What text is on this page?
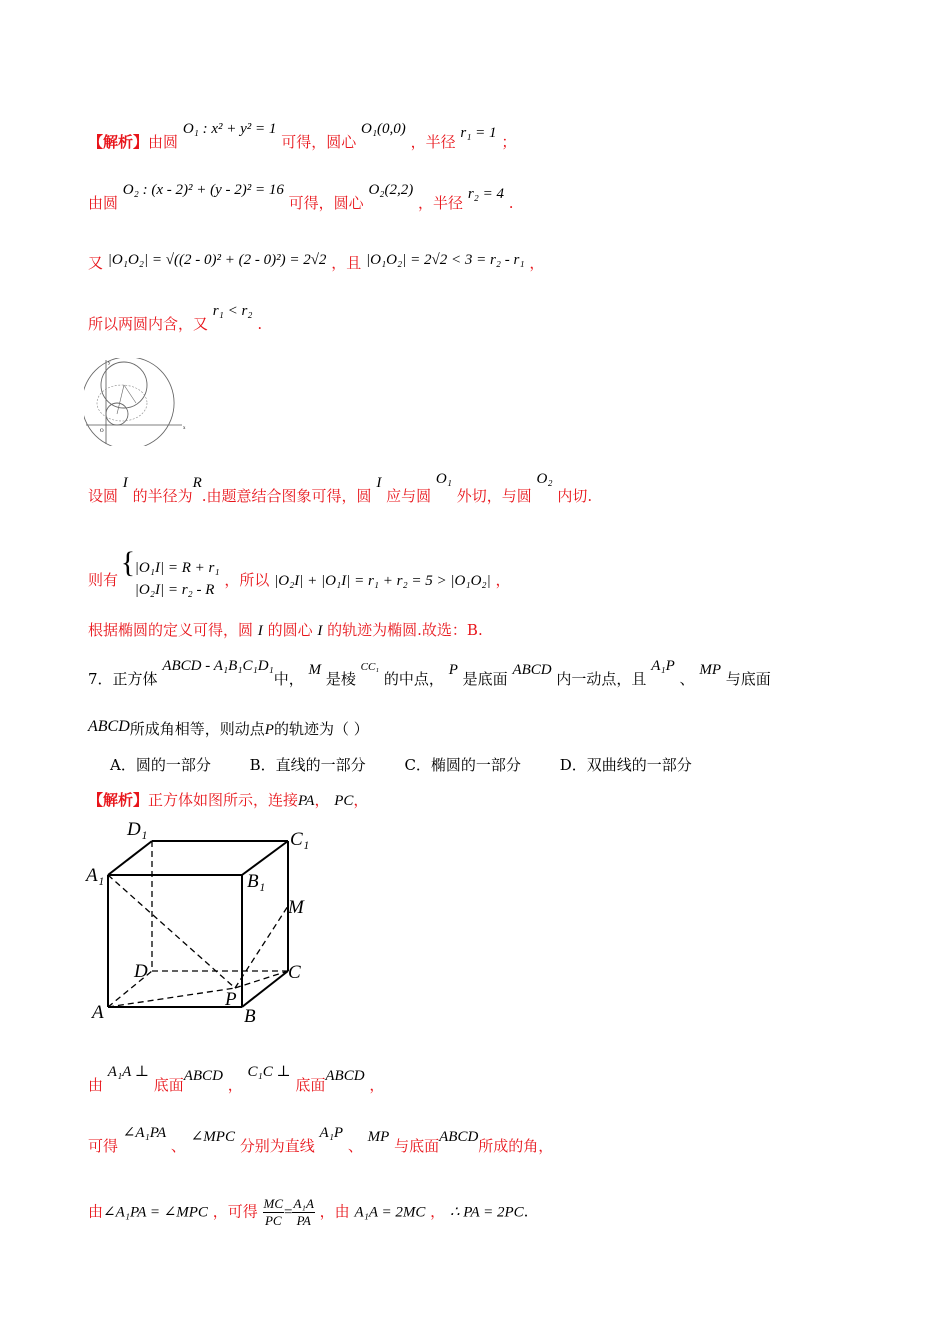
【解析】由圆 O₁ : x² + y² = 1 可得，圆心 O₁(0,0) ，半径 r₁ = 1 ；
由圆 O₂ : (x - 2)² + (y - 2)² = 16 可得，圆心 O₂(2,2) ，半径 r₂ = 4 .
又 |O₁O₂| = √((2 - 0)² + (2 - 0)²) = 2√2 ，且 |O₁O₂| = 2√2 < 3 = r₂ - r₁ ，
所以两圆内含，又 r₁ < r₂ .
x
y
O
设圆 I 的半径为R.由题意结合图象可得，圆 I 应与圆 O₁ 外切，与圆 O₂ 内切.
则有
{ |O₁I| = R + r₁
|O₂I| = r₂ - R
，所以 |O₂I| + |O₁I| = r₁ + r₂ = 5 > |O₁O₂| ，
根据椭圆的定义可得，圆 I 的圆心 I 的轨迹为椭圆.故选：B.
7．正方体 ABCD - A₁B₁C₁D₁中， M 是棱 $^{CC_1}$ 的中点， P 是底面 ABCD 内一动点，且 A₁P 、 MP 与底面
ABCD所成角相等，则动点P的轨迹为（ ）
A．圆的一部分	B．直线的一部分	C．椭圆的一部分	D．双曲线的一部分
【解析】正方体如图所示，连接PA， PC，
D₁	C₁
A₁	B₁
M
D	C
P
A	B
由 A₁A ⊥ 底面ABCD ， C₁C ⊥ 底面ABCD ，
可得 ∠A₁PA 、 ∠MPC 分别为直线 A₁P 、 MP 与底面ABCD所成的角，
由∠A₁PA = ∠MPC ，可得 $\frac{MC}{PC} = \frac{\text{A₁A}}{PA}$ ，由 A₁A = 2MC ， ∴ PA = 2PC.
